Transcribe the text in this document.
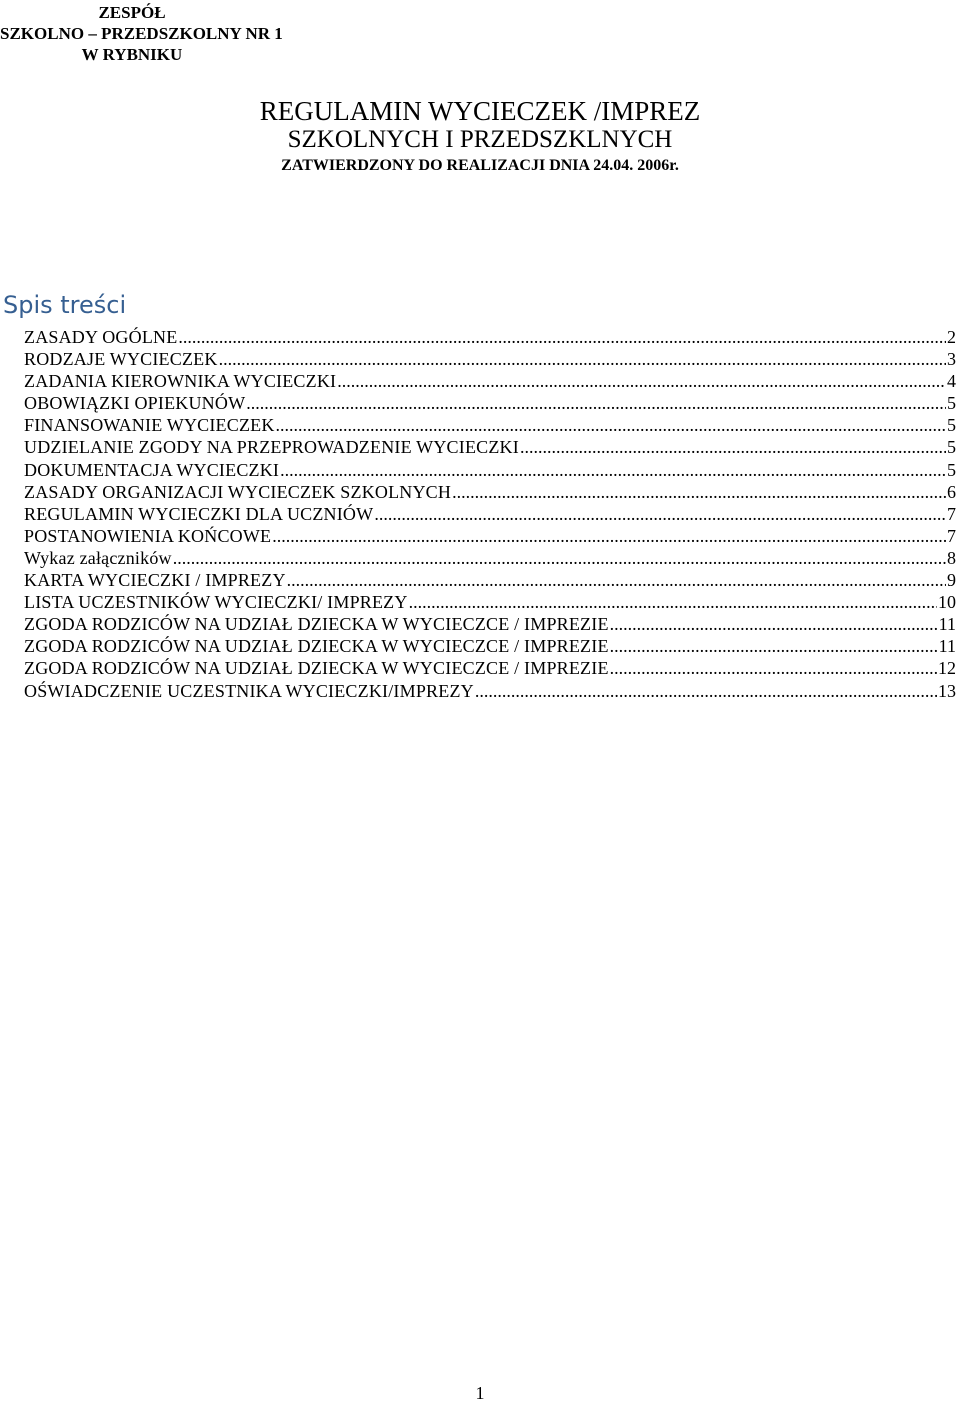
ZESPÓŁ
SZKOLNO – PRZEDSZKOLNY NR 1
W RYBNIKU
REGULAMIN WYCIECZEK /IMPREZ
SZKOLNYCH I PRZEDSZKLNYCH
ZATWIERDZONY DO REALIZACJI DNIA 24.04. 2006r.
Spis treści
ZASADY OGÓLNE .....	2
RODZAJE WYCIECZEK .....	3
ZADANIA KIEROWNIKA WYCIECZKI .....	4
OBOWIĄZKI OPIEKUNÓW .....	5
FINANSOWANIE WYCIECZEK .....	5
UDZIELANIE ZGODY NA PRZEPROWADZENIE WYCIECZKI .....	5
DOKUMENTACJA WYCIECZKI .....	5
ZASADY ORGANIZACJI WYCIECZEK SZKOLNYCH .....	6
REGULAMIN WYCIECZKI DLA UCZNIÓW .....	7
POSTANOWIENIA KOŃCOWE .....	7
Wykaz załączników .....	8
KARTA WYCIECZKI / IMPREZY .....	9
LISTA UCZESTNIKÓW WYCIECZKI/ IMPREZY .....	10
ZGODA RODZICÓW NA UDZIAŁ DZIECKA W WYCIECZCE / IMPREZIE .....	11
ZGODA RODZICÓW NA UDZIAŁ DZIECKA W WYCIECZCE / IMPREZIE .....	11
ZGODA RODZICÓW NA UDZIAŁ DZIECKA W WYCIECZCE / IMPREZIE .....	12
OŚWIADCZENIE UCZESTNIKA WYCIECZKI/IMPREZY .....	13
1
